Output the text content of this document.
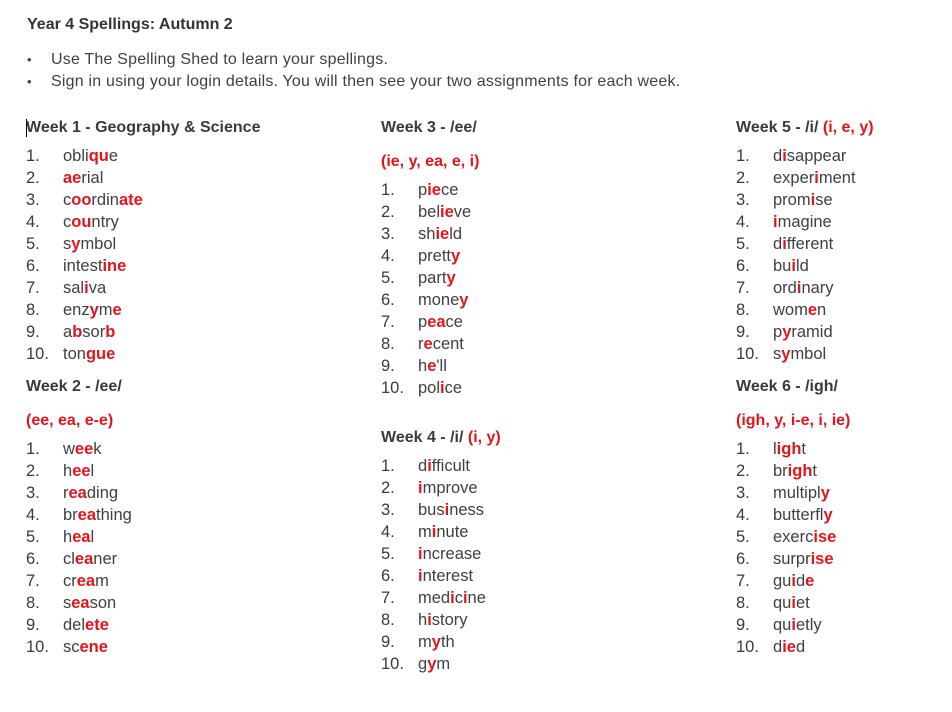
Year 4 Spellings: Autumn 2
• Use The Spelling Shed to learn your spellings.
• Sign in using your login details. You will then see your two assignments for each week.
Week 1 - Geography & Science
1. oblique
2. aerial
3. coordinate
4. country
5. symbol
6. intestine
7. saliva
8. enzyme
9. absorb
10. tongue
Week 2 - /ee/
(ee, ea, e-e)
1. week
2. heel
3. reading
4. breathing
5. heal
6. cleaner
7. cream
8. season
9. delete
10. scene
Week 3 - /ee/
(ie, y, ea, e, i)
1. piece
2. believe
3. shield
4. pretty
5. party
6. money
7. peace
8. recent
9. he'll
10. police
Week 4 - /i/ (i, y)
1. difficult
2. improve
3. business
4. minute
5. increase
6. interest
7. medicine
8. history
9. myth
10. gym
Week 5 - /i/ (i, e, y)
1. disappear
2. experiment
3. promise
4. imagine
5. different
6. build
7. ordinary
8. women
9. pyramid
10. symbol
Week 6 - /igh/
(igh, y, i-e, i, ie)
1. light
2. bright
3. multiply
4. butterfly
5. exercise
6. surprise
7. guide
8. quiet
9. quietly
10. died
